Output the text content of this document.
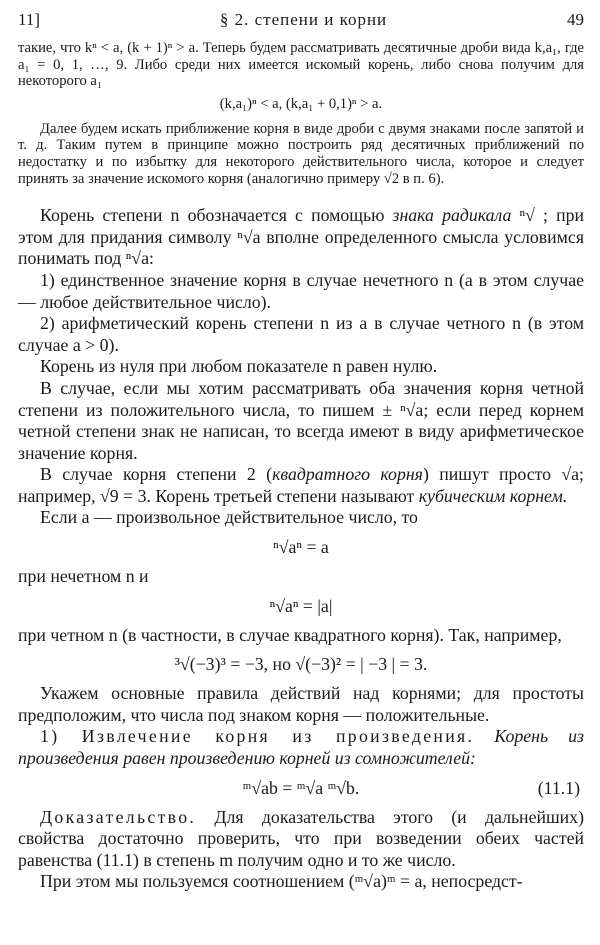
11]	§ 2. степени и корни	49

такие, что kⁿ < a, (k + 1)ⁿ > a. Теперь будем рассматривать десятичные дроби вида k,a₁, где a₁ = 0, 1, …, 9. Либо среди них имеется искомый корень, либо снова получим для некоторого a₁

(k,a₁)ⁿ < a, (k,a₁ + 0,1)ⁿ > a.

Далее будем искать приближение корня в виде дроби с двумя знаками после запятой и т. д. Таким путем в принципе можно построить ряд десятичных приближений по недостатку и по избытку для некоторого действительного числа, которое и следует принять за значение искомого корня (аналогично примеру √2 в п. 6).

Корень степени n обозначается с помощью знака радикала ⁿ√ ; при этом для придания символу ⁿ√a вполне определенного смысла условимся понимать под ⁿ√a:

1) единственное значение корня в случае нечетного n (a в этом случае — любое действительное число).

2) арифметический корень степени n из a в случае четного n (в этом случае a > 0).

Корень из нуля при любом показателе n равен нулю.

В случае, если мы хотим рассматривать оба значения корня четной степени из положительного числа, то пишем ± ⁿ√a; если перед корнем четной степени знак не написан, то всегда имеют в виду арифметическое значение корня.

В случае корня степени 2 (квадратного корня) пишут просто √a; например, √9 = 3. Корень третьей степени называют кубическим корнем.

Если a — произвольное действительное число, то

ⁿ√aⁿ = a

при нечетном n и

ⁿ√aⁿ = |a|

при четном n (в частности, в случае квадратного корня). Так, например,

³√(−3)³ = −3, но √(−3)² = | −3 | = 3.

Укажем основные правила действий над корнями; для простоты предположим, что числа под знаком корня — положительные.

1) Извлечение корня из произведения. Корень из произведения равен произведению корней из сомножителей:

ᵐ√ab = ᵐ√a ᵐ√b.	(11.1)

Доказательство. Для доказательства этого (и дальнейших) свойства достаточно проверить, что при возведении обеих частей равенства (11.1) в степень m получим одно и то же число.

При этом мы пользуемся соотношением (ᵐ√a)ᵐ = a, непосредст-
